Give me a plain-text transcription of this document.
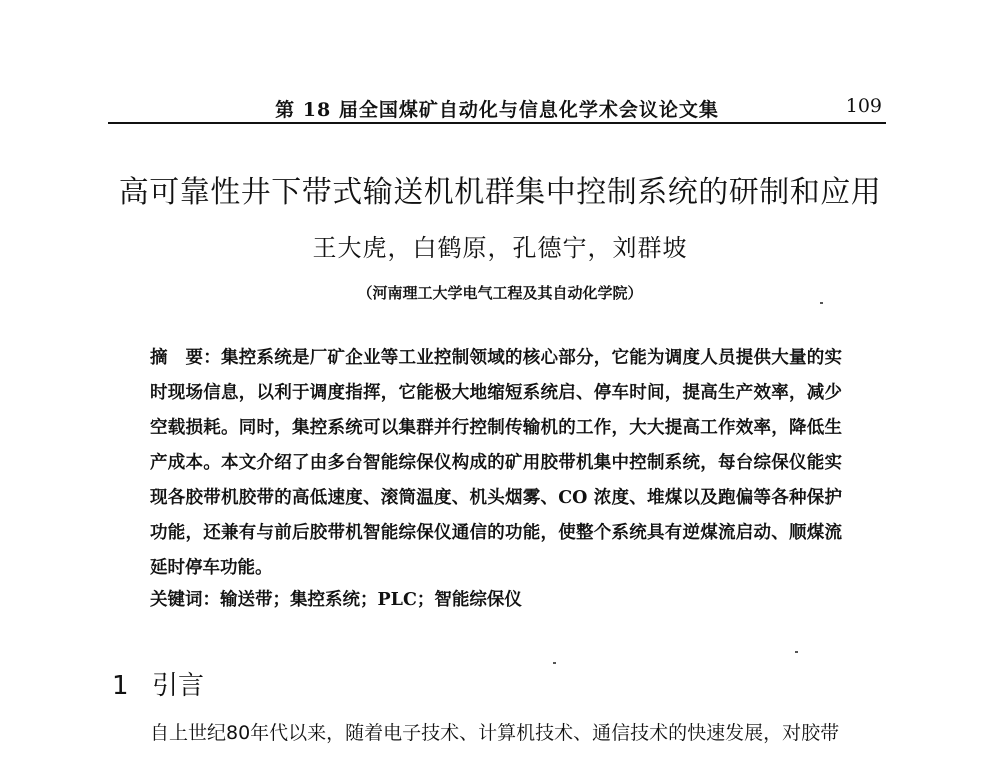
第 18 届全国煤矿自动化与信息化学术会议论文集	109
高可靠性井下带式输送机机群集中控制系统的研制和应用
王大虎，白鹤原，孔德宁，刘群坡
（河南理工大学电气工程及其自动化学院）

摘　要：集控系统是厂矿企业等工业控制领域的核心部分，它能为调度人员提供大量的实时现场信息，以利于调度指挥，它能极大地缩短系统启、停车时间，提高生产效率，减少空载损耗。同时，集控系统可以集群并行控制传输机的工作，大大提高工作效率，降低生产成本。本文介绍了由多台智能综保仪构成的矿用胶带机集中控制系统，每台综保仪能实现各胶带机胶带的高低速度、滚筒温度、机头烟雾、CO 浓度、堆煤以及跑偏等各种保护功能，还兼有与前后胶带机智能综保仪通信的功能，使整个系统具有逆煤流启动、顺煤流延时停车功能。

关键词：输送带；集控系统；PLC；智能综保仪

1 引言

自上世纪80年代以来，随着电子技术、计算机技术、通信技术的快速发展，对胶带
